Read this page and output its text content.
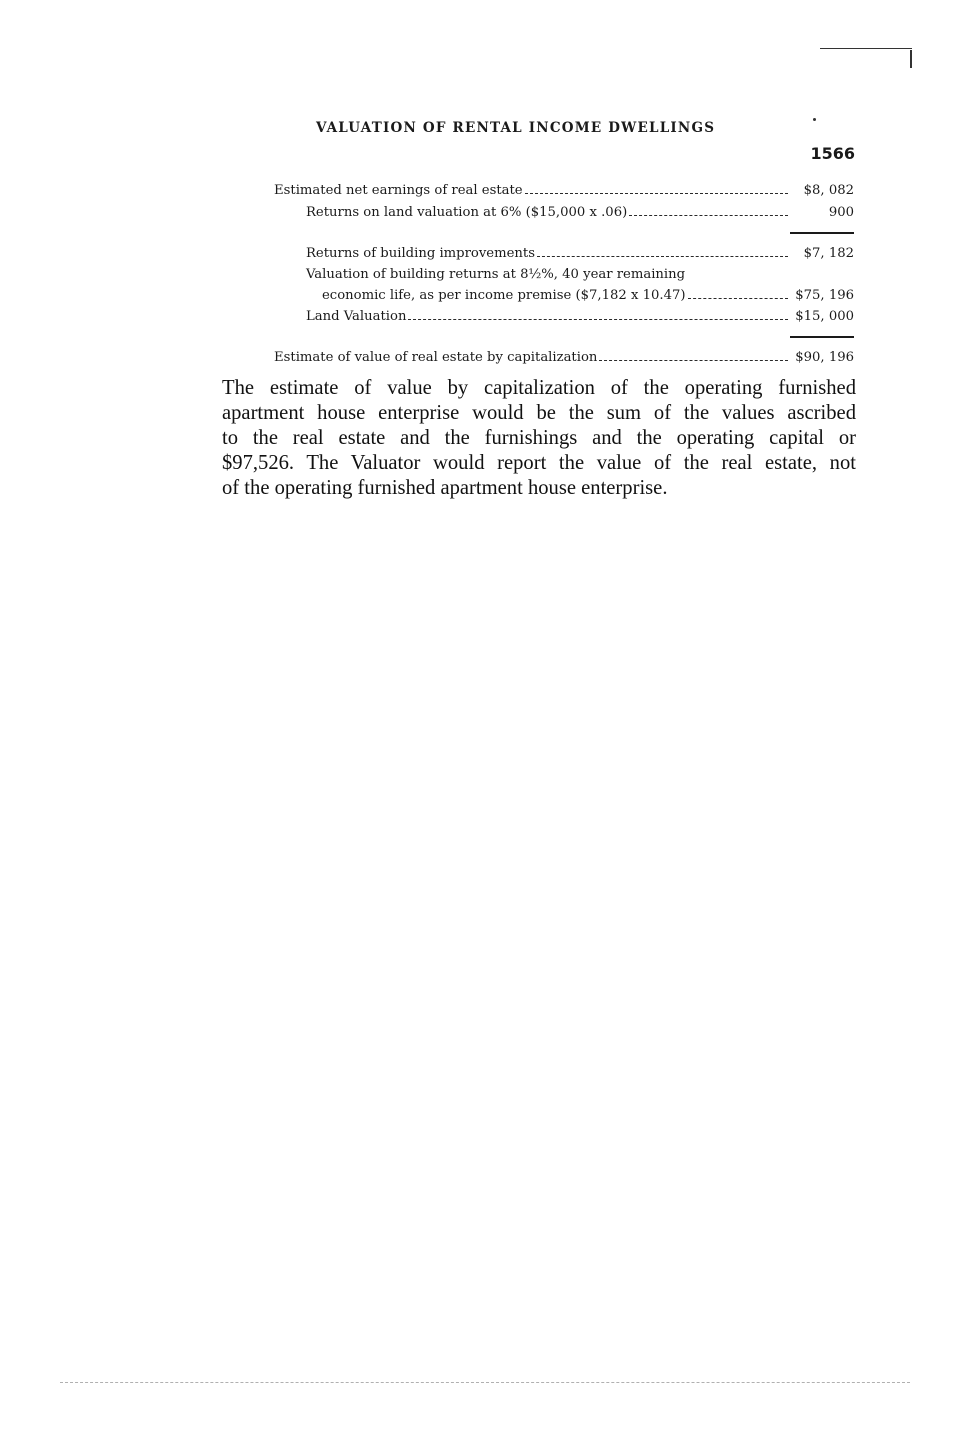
VALUATION OF RENTAL INCOME DWELLINGS
1566
Estimated net earnings of real estate	$8, 082
Returns on land valuation at 6% ($15,000 x .06)	900
Returns of building improvements	$7, 182
Valuation of building returns at 8½%, 40 year remaining
economic life, as per income premise ($7,182 x 10.47)	$75, 196
Land Valuation	$15, 000
Estimate of value of real estate by capitalization	$90, 196
The estimate of value by capitalization of the operating furnished
apartment house enterprise would be the sum of the values ascribed
to the real estate and the furnishings and the operating capital or
$97,526. The Valuator would report the value of the real estate, not
of the operating furnished apartment house enterprise.
